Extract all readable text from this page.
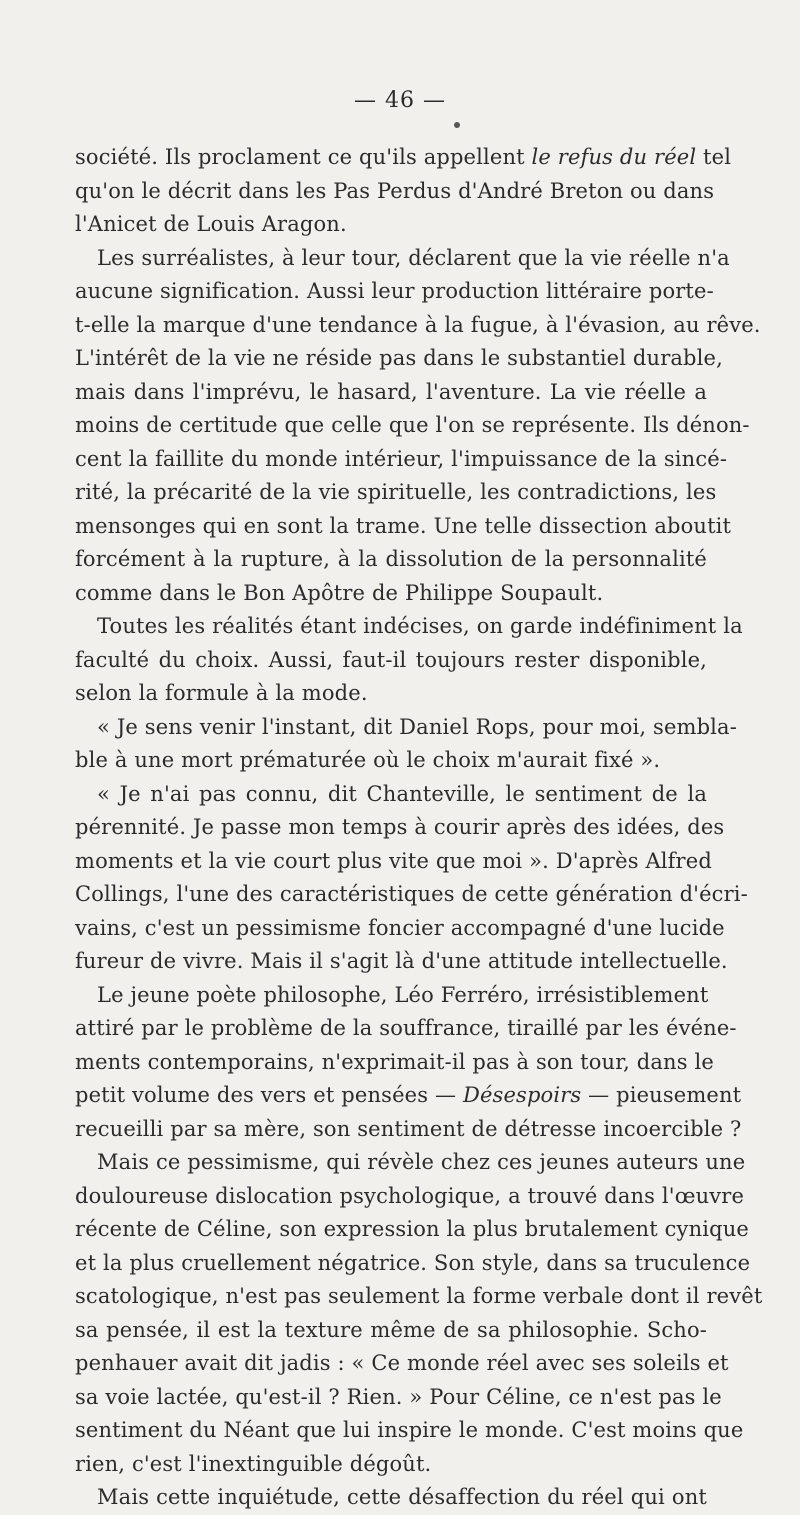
— 46 —
société. Ils proclament ce qu'ils appellent le refus du réel tel
qu'on le décrit dans les Pas Perdus d'André Breton ou dans
l'Anicet de Louis Aragon.
Les surréalistes, à leur tour, déclarent que la vie réelle n'a
aucune signification. Aussi leur production littéraire porte-
t-elle la marque d'une tendance à la fugue, à l'évasion, au rêve.
L'intérêt de la vie ne réside pas dans le substantiel durable,
mais dans l'imprévu, le hasard, l'aventure. La vie réelle a
moins de certitude que celle que l'on se représente. Ils dénon-
cent la faillite du monde intérieur, l'impuissance de la sincé-
rité, la précarité de la vie spirituelle, les contradictions, les
mensonges qui en sont la trame. Une telle dissection aboutit
forcément à la rupture, à la dissolution de la personnalité
comme dans le Bon Apôtre de Philippe Soupault.
Toutes les réalités étant indécises, on garde indéfiniment la
faculté du choix. Aussi, faut-il toujours rester disponible,
selon la formule à la mode.
« Je sens venir l'instant, dit Daniel Rops, pour moi, sembla-
ble à une mort prématurée où le choix m'aurait fixé ».
« Je n'ai pas connu, dit Chanteville, le sentiment de la
pérennité. Je passe mon temps à courir après des idées, des
moments et la vie court plus vite que moi ». D'après Alfred
Collings, l'une des caractéristiques de cette génération d'écri-
vains, c'est un pessimisme foncier accompagné d'une lucide
fureur de vivre. Mais il s'agit là d'une attitude intellectuelle.
Le jeune poète philosophe, Léo Ferréro, irrésistiblement
attiré par le problème de la souffrance, tiraillé par les événe-
ments contemporains, n'exprimait-il pas à son tour, dans le
petit volume des vers et pensées — Désespoirs — pieusement
recueilli par sa mère, son sentiment de détresse incoercible ?
Mais ce pessimisme, qui révèle chez ces jeunes auteurs une
douloureuse dislocation psychologique, a trouvé dans l'œuvre
récente de Céline, son expression la plus brutalement cynique
et la plus cruellement négatrice. Son style, dans sa truculence
scatologique, n'est pas seulement la forme verbale dont il revêt
sa pensée, il est la texture même de sa philosophie. Scho-
penhauer avait dit jadis : « Ce monde réel avec ses soleils et
sa voie lactée, qu'est-il ? Rien. » Pour Céline, ce n'est pas le
sentiment du Néant que lui inspire le monde. C'est moins que
rien, c'est l'inextinguible dégoût.
Mais cette inquiétude, cette désaffection du réel qui ont
